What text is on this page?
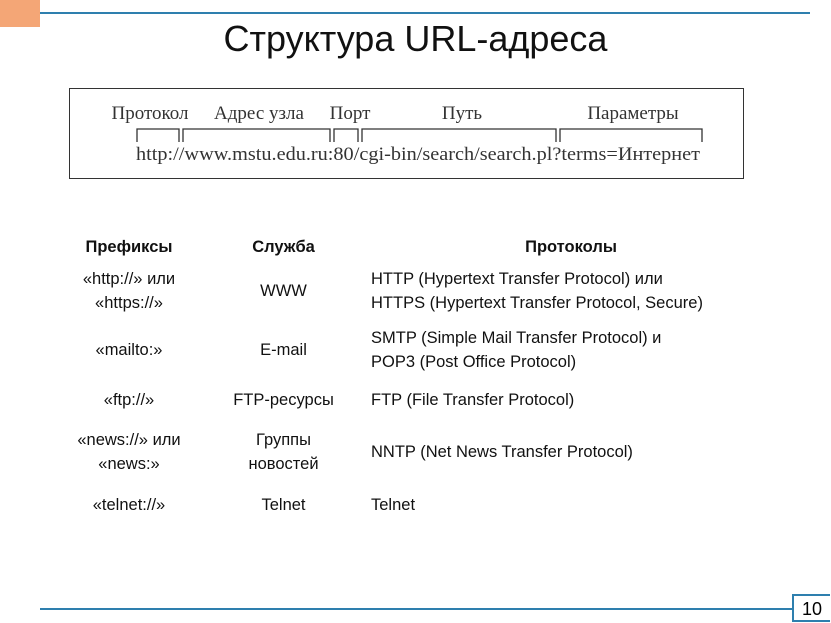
Структура URL-адреса
Протокол Адрес узла Порт	Путь	Параметры
http://www.mstu.edu.ru:80/cgi-bin/search/search.pl?terms=Интернет
Префиксы	Служба	Протоколы
«http://» или
«https://»	WWW	HTTP (Hypertext Transfer Protocol) или
HTTPS (Hypertext Transfer Protocol, Secure)
«mailto:»	E-mail	SMTP (Simple Mail Transfer Protocol) и
POP3 (Post Office Protocol)
«ftp://»	FTP-ресурсы	FTP (File Transfer Protocol)
«news://» или
«news:»	Группы
новостей	NNTP (Net News Transfer Protocol)
«telnet://»	Telnet	Telnet
10
